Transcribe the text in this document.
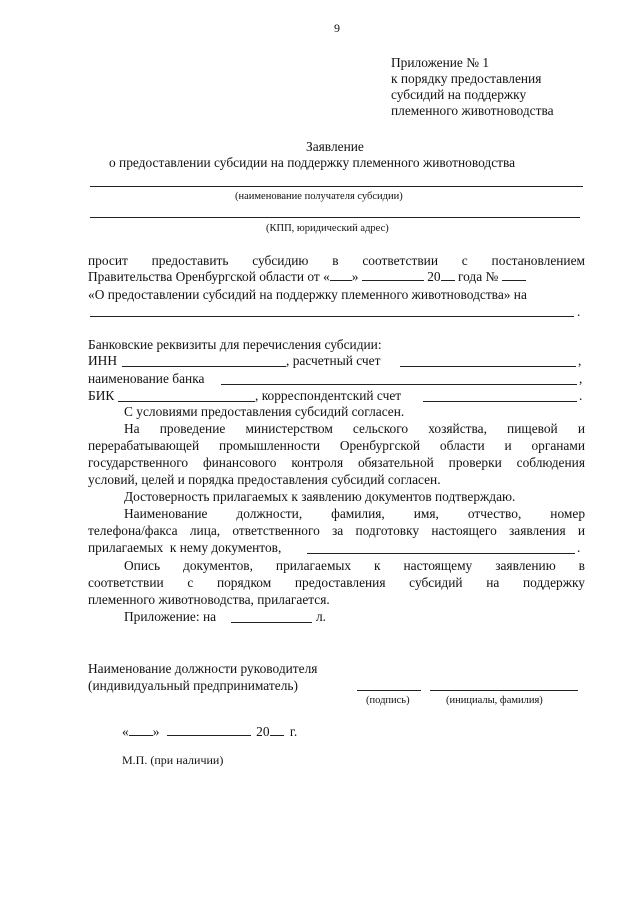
9
Приложение № 1
к порядку предоставления
субсидий на поддержку
племенного животноводства
Заявление
о предоставлении субсидии на поддержку племенного животноводства
(наименование получателя субсидии)
(КПП, юридический адрес)
просит предоставить субсидию в соответствии с постановлением
Правительства Оренбургской области от « »	20 года №
«О предоставлении субсидий на поддержку племенного животноводства» на
.
Банковские реквизиты для перечисления субсидии:
ИНН	, расчетный счет	,
наименование банка	,
БИК	, корреспондентский счет	.
С условиями предоставления субсидий согласен.
На проведение министерством сельского хозяйства, пищевой и
перерабатывающей промышленности Оренбургской области и органами
государственного финансового контроля обязательной проверки соблюдения
условий, целей и порядка предоставления субсидий согласен.
Достоверность прилагаемых к заявлению документов подтверждаю.
Наименование должности, фамилия, имя, отчество, номер
телефона/факса лица, ответственного за подготовку настоящего заявления и
прилагаемых  к нему документов,	.
Опись документов, прилагаемых к настоящему заявлению в
соответствии с порядком предоставления субсидий на поддержку
племенного животноводства, прилагается.
Приложение: на	л.
Наименование должности руководителя
(индивидуальный предприниматель)
(подпись)	(инициалы, фамилия)
« »	20 г.
М.П. (при наличии)
